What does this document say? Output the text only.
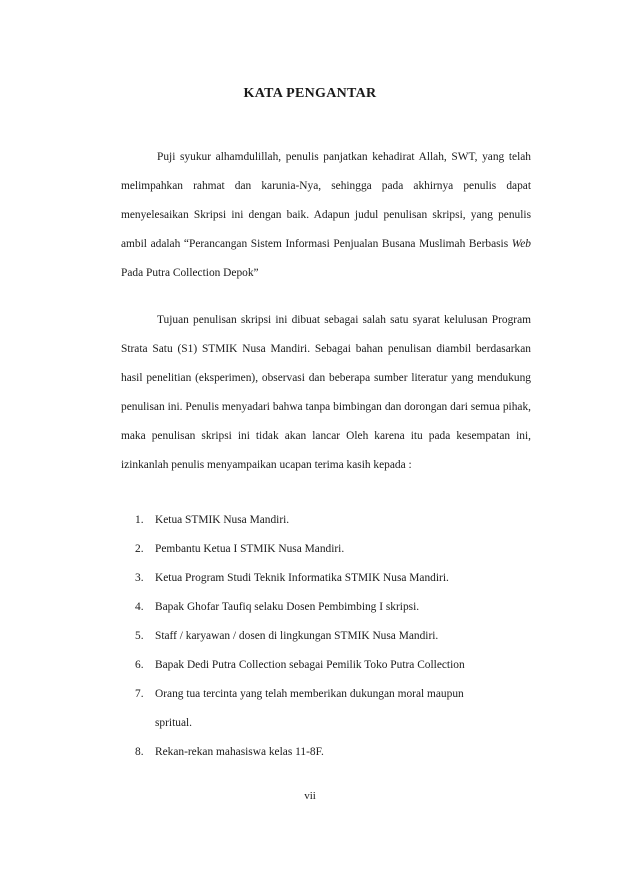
KATA PENGANTAR

Puji syukur alhamdulillah, penulis panjatkan kehadirat Allah, SWT, yang telah melimpahkan rahmat dan karunia-Nya, sehingga pada akhirnya penulis dapat menyelesaikan Skripsi ini dengan baik. Adapun judul penulisan skripsi, yang penulis ambil adalah “Perancangan Sistem Informasi Penjualan Busana Muslimah Berbasis Web Pada Putra Collection Depok”

Tujuan penulisan skripsi ini dibuat sebagai salah satu syarat kelulusan Program Strata Satu (S1) STMIK Nusa Mandiri. Sebagai bahan penulisan diambil berdasarkan hasil penelitian (eksperimen), observasi dan beberapa sumber literatur yang mendukung penulisan ini. Penulis menyadari bahwa tanpa bimbingan dan dorongan dari semua pihak, maka penulisan skripsi ini tidak akan lancar Oleh karena itu pada kesempatan ini, izinkanlah penulis menyampaikan ucapan terima kasih kepada :

1. Ketua STMIK Nusa Mandiri.
2. Pembantu Ketua I STMIK Nusa Mandiri.
3. Ketua Program Studi Teknik Informatika STMIK Nusa Mandiri.
4. Bapak Ghofar Taufiq selaku Dosen Pembimbing I skripsi.
5. Staff / karyawan / dosen di lingkungan STMIK Nusa Mandiri.
6. Bapak Dedi Putra Collection sebagai Pemilik Toko Putra Collection
7. Orang tua tercinta yang telah memberikan dukungan moral maupun
spritual.
8. Rekan-rekan mahasiswa kelas 11-8F.
vii
